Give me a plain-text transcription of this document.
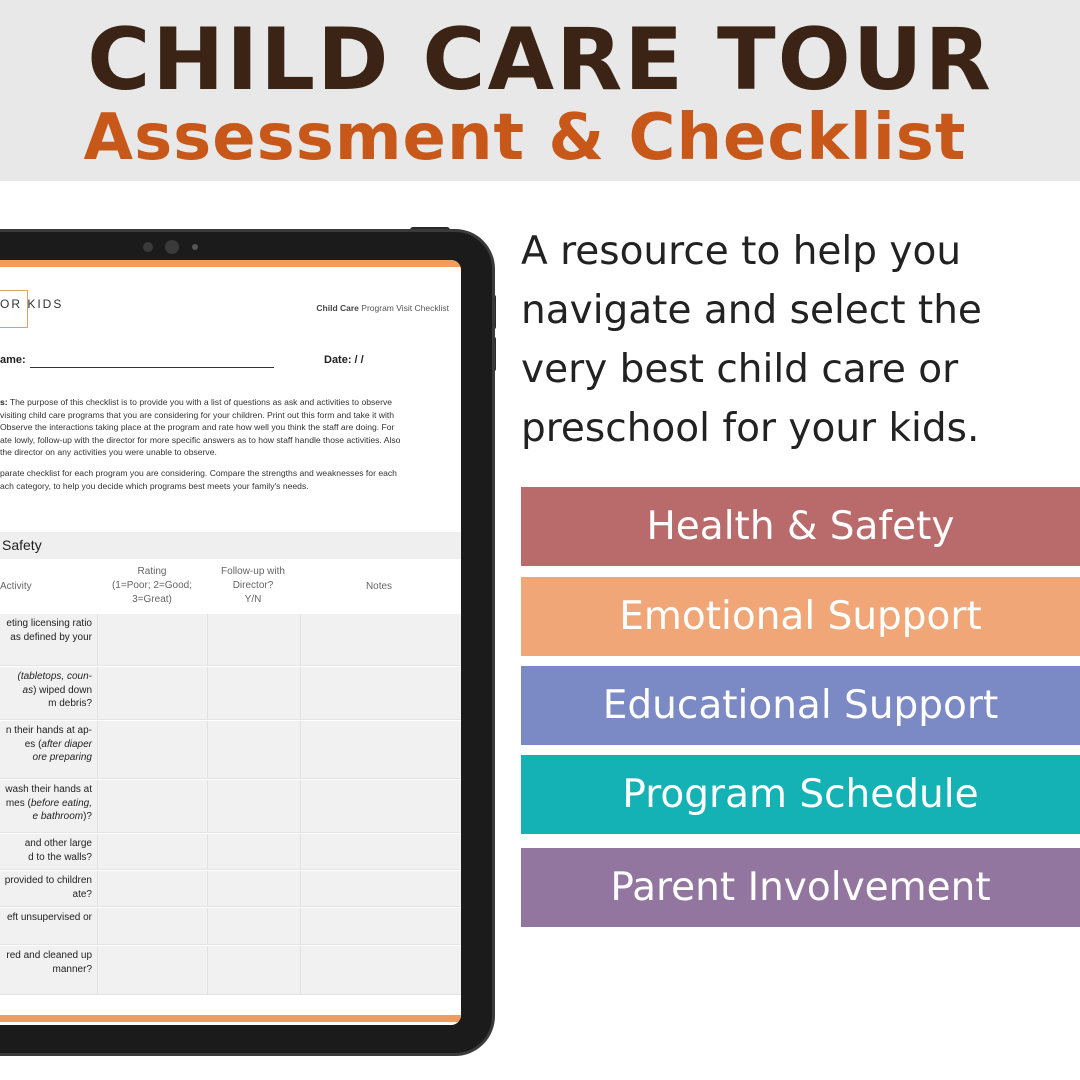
CHILD CARE TOUR
Assessment & Checklist
OR KIDS	Child Care Program Visit Checklist
ame:	Date: / /
s: The purpose of this checklist is to provide you with a list of questions as ask and activities to observe
visiting child care programs that you are considering for your children. Print out this form and take it with
Observe the interactions taking place at the program and rate how well you think the staff are doing. For
ate lowly, follow-up with the director for more specific answers as to how staff handle those activities. Also
the director on any activities you were unable to observe.
parate checklist for each program you are considering. Compare the strengths and weaknesses for each
ach category, to help you decide which programs best meets your family's needs.
Safety
Activity
Rating
(1=Poor; 2=Good;
3=Great)
Follow-up with
Director?
Y/N
Notes
eting licensing ratio
as defined by your
(tabletops, coun-
as) wiped down
m debris?
n their hands at ap-
es (after diaper
ore preparing
wash their hands at
mes (before eating,
e bathroom)?
and other large
d to the walls?
provided to children
ate?
eft unsupervised or
red and cleaned up
manner?
A resource to help you navigate and select the very best child care or preschool for your kids.
Health & Safety
Emotional Support
Educational Support
Program Schedule
Parent Involvement
